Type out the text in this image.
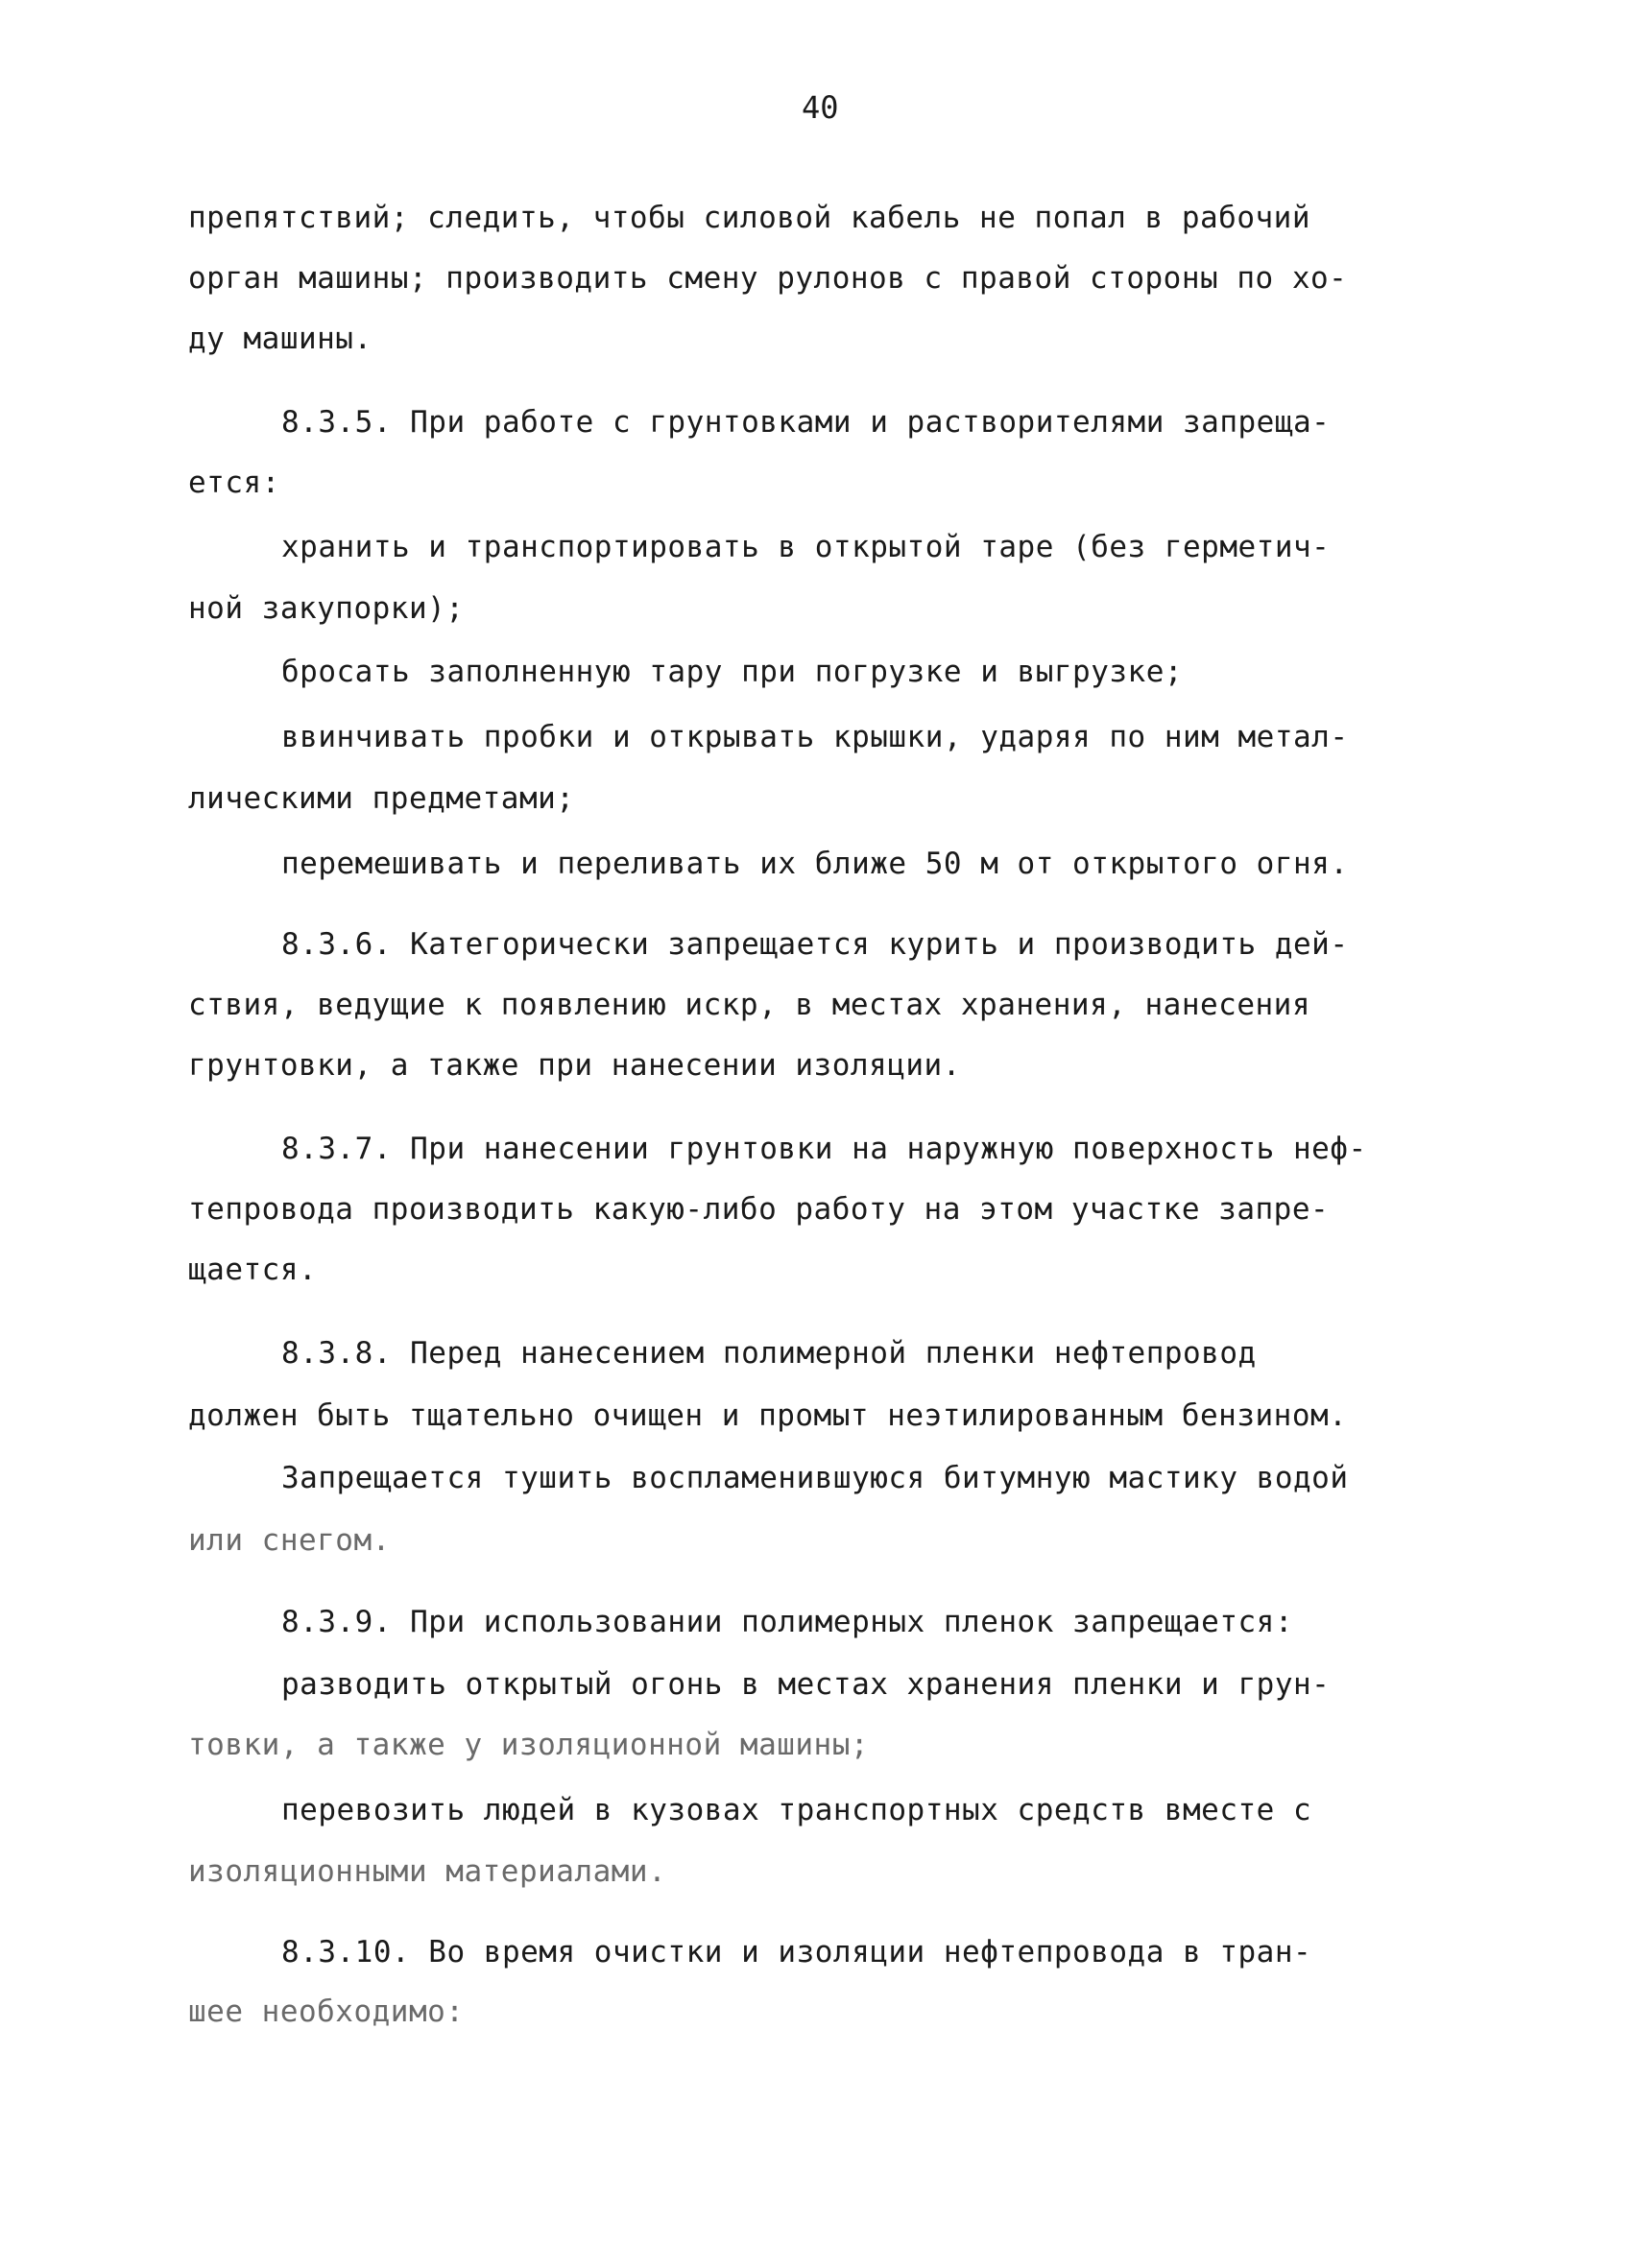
40
препятствий; следить, чтобы силовой кабель не попал в рабочий
орган машины; производить смену рулонов с правой стороны по хо-
ду машины.
8.3.5. При работе с грунтовками и растворителями запреща-
ется:
хранить и транспортировать в открытой таре (без герметич-
ной закупорки);
бросать заполненную тару при погрузке и выгрузке;
ввинчивать пробки и открывать крышки, ударяя по ним метал-
лическими предметами;
перемешивать и переливать их ближе 50 м от открытого огня.
8.3.6. Категорически запрещается курить и производить дей-
ствия, ведущие к появлению искр, в местах хранения, нанесения
грунтовки, а также при нанесении изоляции.
8.3.7. При нанесении грунтовки на наружную поверхность неф-
тепровода производить какую-либо работу на этом участке запре-
щается.
8.3.8. Перед нанесением полимерной пленки нефтепровод
должен быть тщательно очищен и промыт неэтилированным бензином.
Запрещается тушить воспламенившуюся битумную мастику водой
или снегом.
8.3.9. При использовании полимерных пленок запрещается:
разводить открытый огонь в местах хранения пленки и грун-
товки, а также у изоляционной машины;
перевозить людей в кузовах транспортных средств вместе с
изоляционными материалами.
8.3.10. Во время очистки и изоляции нефтепровода в тран-
шее необходимо:
